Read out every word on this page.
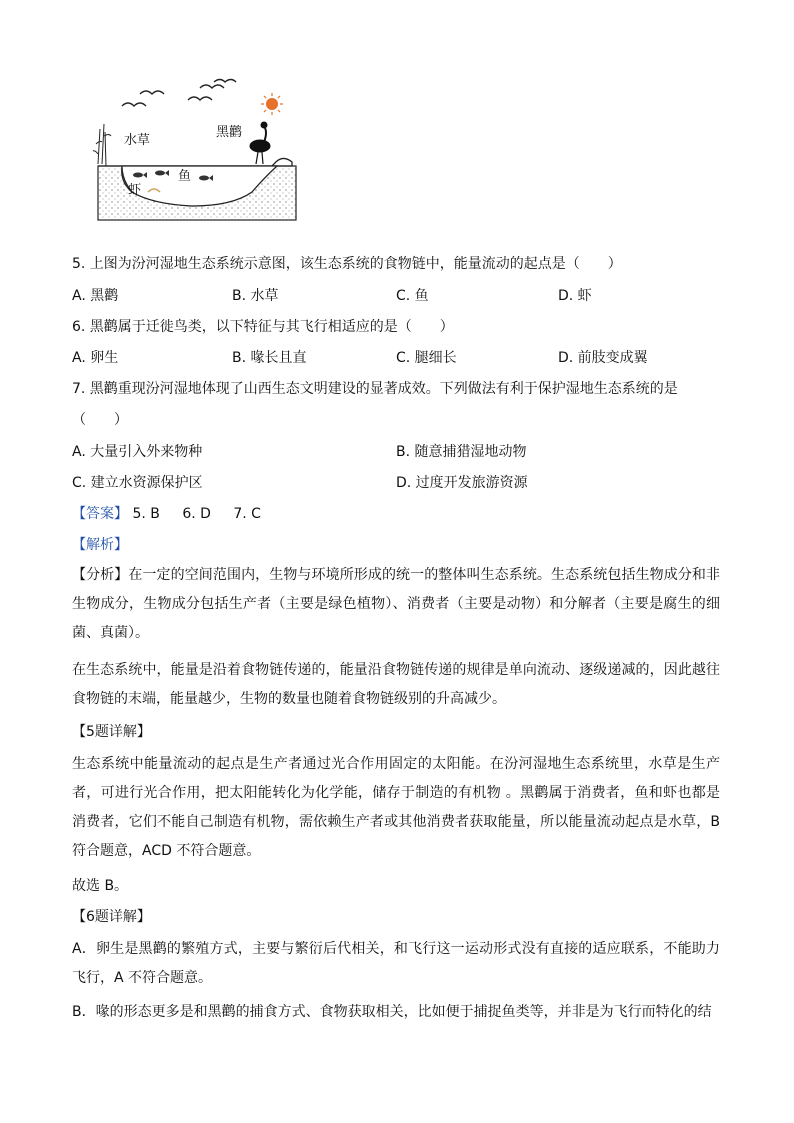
水草
黑鹳
鱼
虾
5. 上图为汾河湿地生态系统示意图，该生态系统的食物链中，能量流动的起点是（　　）
A. 黑鹳	B. 水草	C. 鱼	D. 虾
6. 黑鹳属于迁徙鸟类，以下特征与其飞行相适应的是（　　）
A. 卵生	B. 喙长且直	C. 腿细长	D. 前肢变成翼
7. 黑鹳重现汾河湿地体现了山西生态文明建设的显著成效。下列做法有利于保护湿地生态系统的是
（　　）
A. 大量引入外来物种	B. 随意捕猎湿地动物
C. 建立水资源保护区	D. 过度开发旅游资源
【答案】 5. B 6. D 7. C
【解析】
【分析】在一定的空间范围内，生物与环境所形成的统一的整体叫生态系统。生态系统包括生物成分和非生物成分，生物成分包括生产者（主要是绿色植物）、消费者（主要是动物）和分解者（主要是腐生的细菌、真菌）。
在生态系统中，能量是沿着食物链传递的，能量沿食物链传递的规律是单向流动、逐级递减的，因此越往食物链的末端，能量越少，生物的数量也随着食物链级别的升高减少。
【5题详解】
生态系统中能量流动的起点是生产者通过光合作用固定的太阳能。在汾河湿地生态系统里，水草是生产者，可进行光合作用，把太阳能转化为化学能，储存于制造的有机物 。黑鹳属于消费者，鱼和虾也都是消费者，它们不能自己制造有机物，需依赖生产者或其他消费者获取能量，所以能量流动起点是水草，B符合题意，ACD 不符合题意。
故选 B。
【6题详解】
A．卵生是黑鹳的繁殖方式，主要与繁衍后代相关，和飞行这一运动形式没有直接的适应联系，不能助力飞行，A 不符合题意。
B．喙的形态更多是和黑鹳的捕食方式、食物获取相关，比如便于捕捉鱼类等，并非是为飞行而特化的结
